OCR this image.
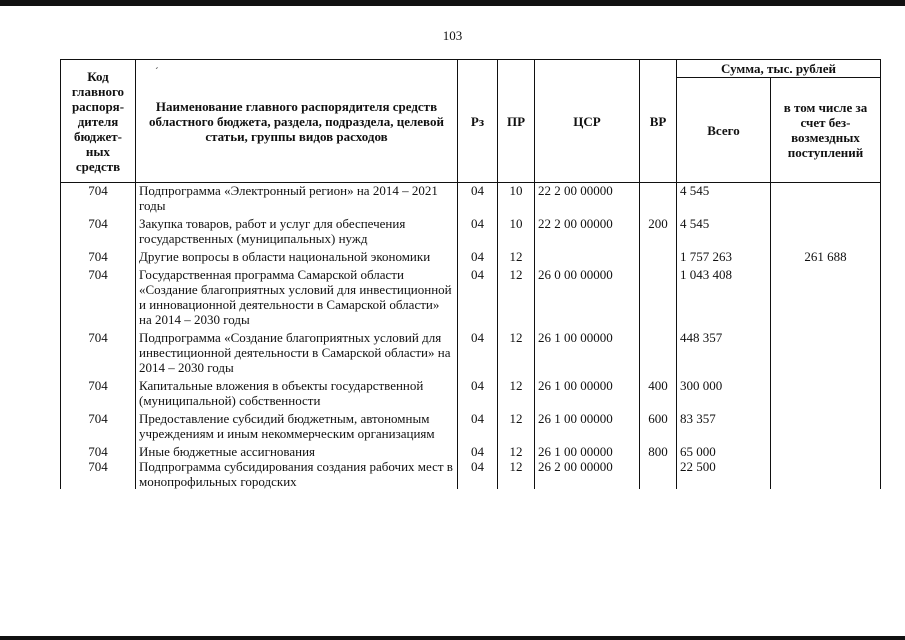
103
ˊ
Код главного распоря-дителя бюджет-ных средств	Наименование главного распорядителя средств областного бюджета, раздела, подраздела, целевой статьи, группы видов расходов	Рз	ПР	ЦСР	ВР	Сумма, тыс. рублей	
						Всего	в том числе за счет без-возмездных поступлений
704	Подпрограмма «Электронный регион» на 2014 – 2021 годы	04	10	22 2 00 00000		4 545	
704	Закупка товаров, работ и услуг для обеспечения государственных (муниципальных) нужд	04	10	22 2 00 00000	200	4 545	
704	Другие вопросы в области национальной экономики	04	12			1 757 263	261 688
704	Государственная программа Самарской области «Создание благоприятных условий для инвестиционной и инновационной деятельности в Самарской области» на 2014 – 2030 годы	04	12	26 0 00 00000		1 043 408	
704	Подпрограмма «Создание благоприятных условий для инвестиционной деятельности в Самарской области» на 2014 – 2030 годы	04	12	26 1 00 00000		448 357	
704	Капитальные вложения в объекты государственной (муниципальной) собственности	04	12	26 1 00 00000	400	300 000	
704	Предоставление субсидий бюджетным, автономным учреждениям и иным некоммерческим организациям	04	12	26 1 00 00000	600	83 357	
704	Иные бюджетные ассигнования	04	12	26 1 00 00000	800	65 000	
704	Подпрограмма субсидирования создания рабочих мест в монопрофильных городских	04	12	26 2 00 00000		22 500	
